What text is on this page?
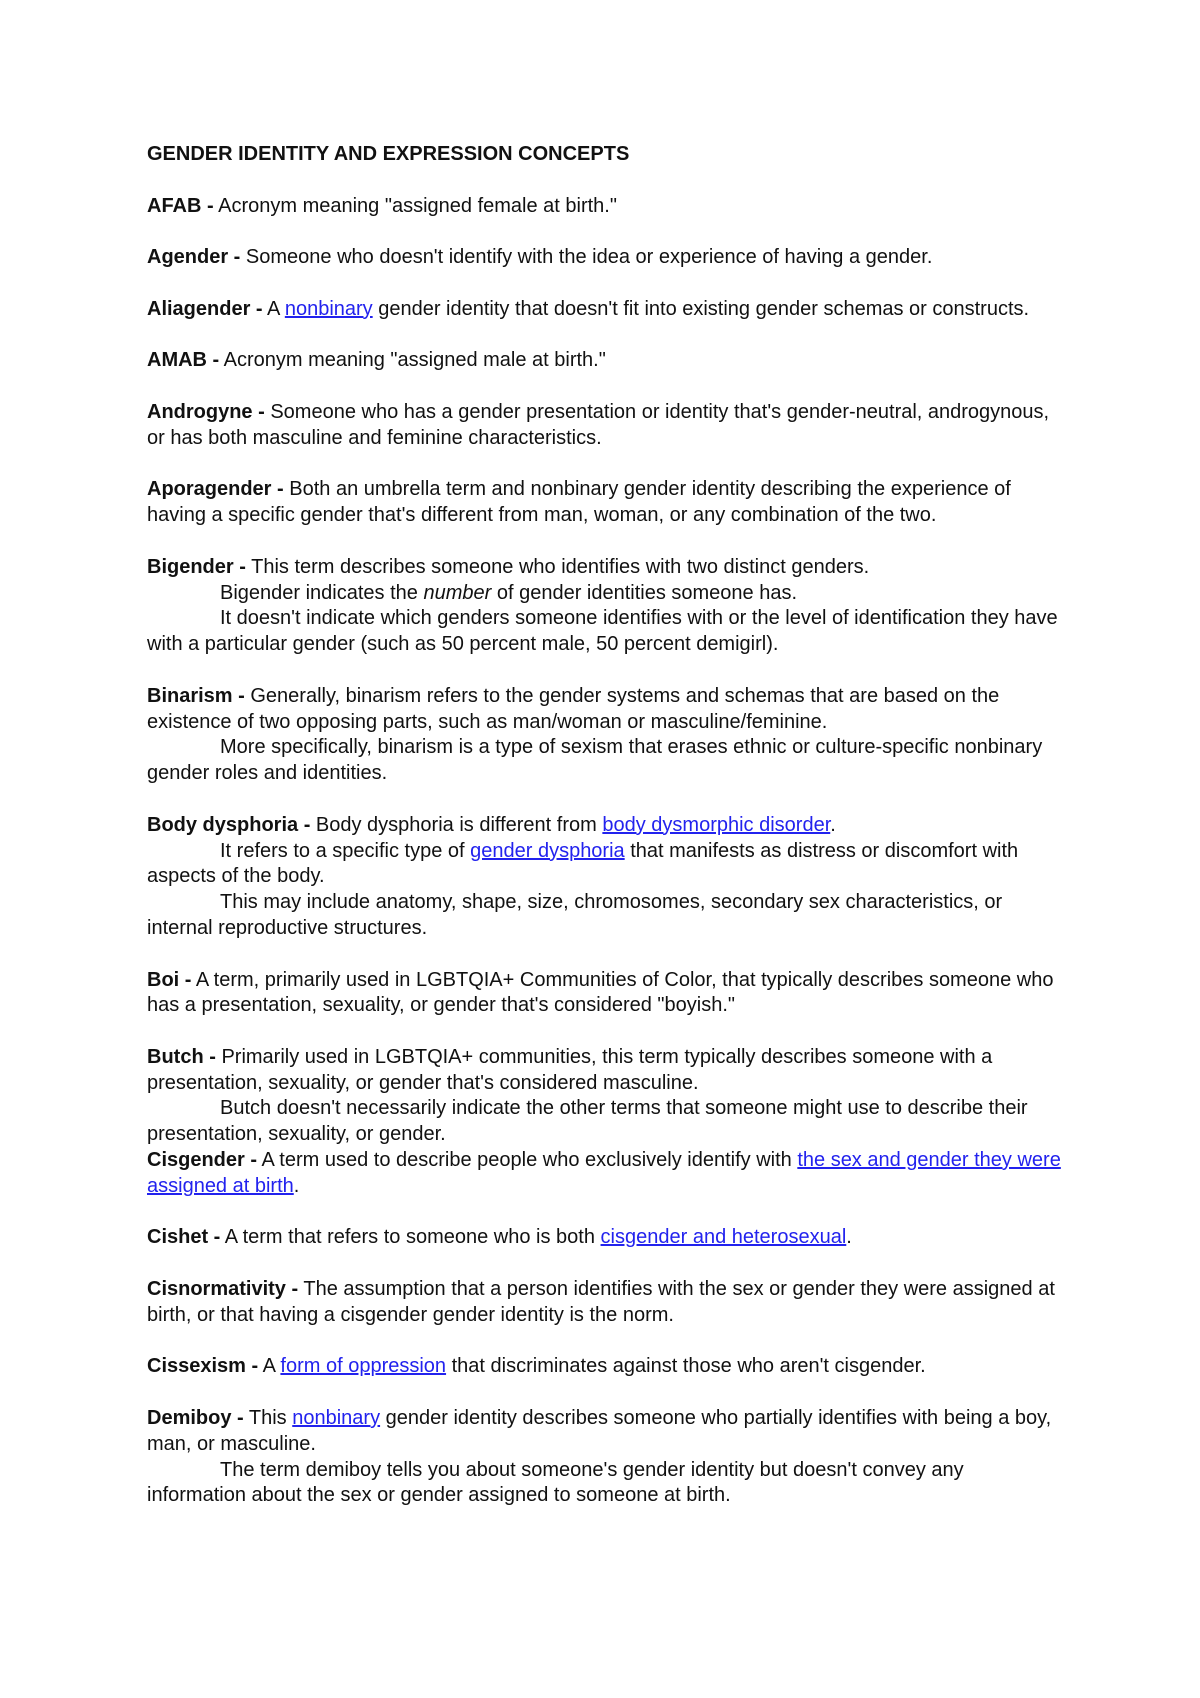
GENDER IDENTITY AND EXPRESSION CONCEPTS

AFAB - Acronym meaning "assigned female at birth."

Agender - Someone who doesn't identify with the idea or experience of having a gender.

Aliagender - A nonbinary gender identity that doesn't fit into existing gender schemas or constructs.

AMAB - Acronym meaning "assigned male at birth."

Androgyne - Someone who has a gender presentation or identity that's gender-neutral, androgynous, or has both masculine and feminine characteristics.

Aporagender - Both an umbrella term and nonbinary gender identity describing the experience of having a specific gender that's different from man, woman, or any combination of the two.

Bigender - This term describes someone who identifies with two distinct genders.

Bigender indicates the number of gender identities someone has.

It doesn't indicate which genders someone identifies with or the level of identification they have with a particular gender (such as 50 percent male, 50 percent demigirl).

Binarism - Generally, binarism refers to the gender systems and schemas that are based on the existence of two opposing parts, such as man/woman or masculine/feminine.

More specifically, binarism is a type of sexism that erases ethnic or culture-specific nonbinary gender roles and identities.

Body dysphoria - Body dysphoria is different from body dysmorphic disorder.

It refers to a specific type of gender dysphoria that manifests as distress or discomfort with aspects of the body.

This may include anatomy, shape, size, chromosomes, secondary sex characteristics, or internal reproductive structures.

Boi - A term, primarily used in LGBTQIA+ Communities of Color, that typically describes someone who has a presentation, sexuality, or gender that's considered "boyish."

Butch - Primarily used in LGBTQIA+ communities, this term typically describes someone with a presentation, sexuality, or gender that's considered masculine.

Butch doesn't necessarily indicate the other terms that someone might use to describe their presentation, sexuality, or gender.

Cisgender - A term used to describe people who exclusively identify with the sex and gender they were assigned at birth.

Cishet - A term that refers to someone who is both cisgender and heterosexual.

Cisnormativity - The assumption that a person identifies with the sex or gender they were assigned at birth, or that having a cisgender gender identity is the norm.

Cissexism - A form of oppression that discriminates against those who aren't cisgender.

Demiboy - This nonbinary gender identity describes someone who partially identifies with being a boy, man, or masculine.

The term demiboy tells you about someone's gender identity but doesn't convey any information about the sex or gender assigned to someone at birth.
